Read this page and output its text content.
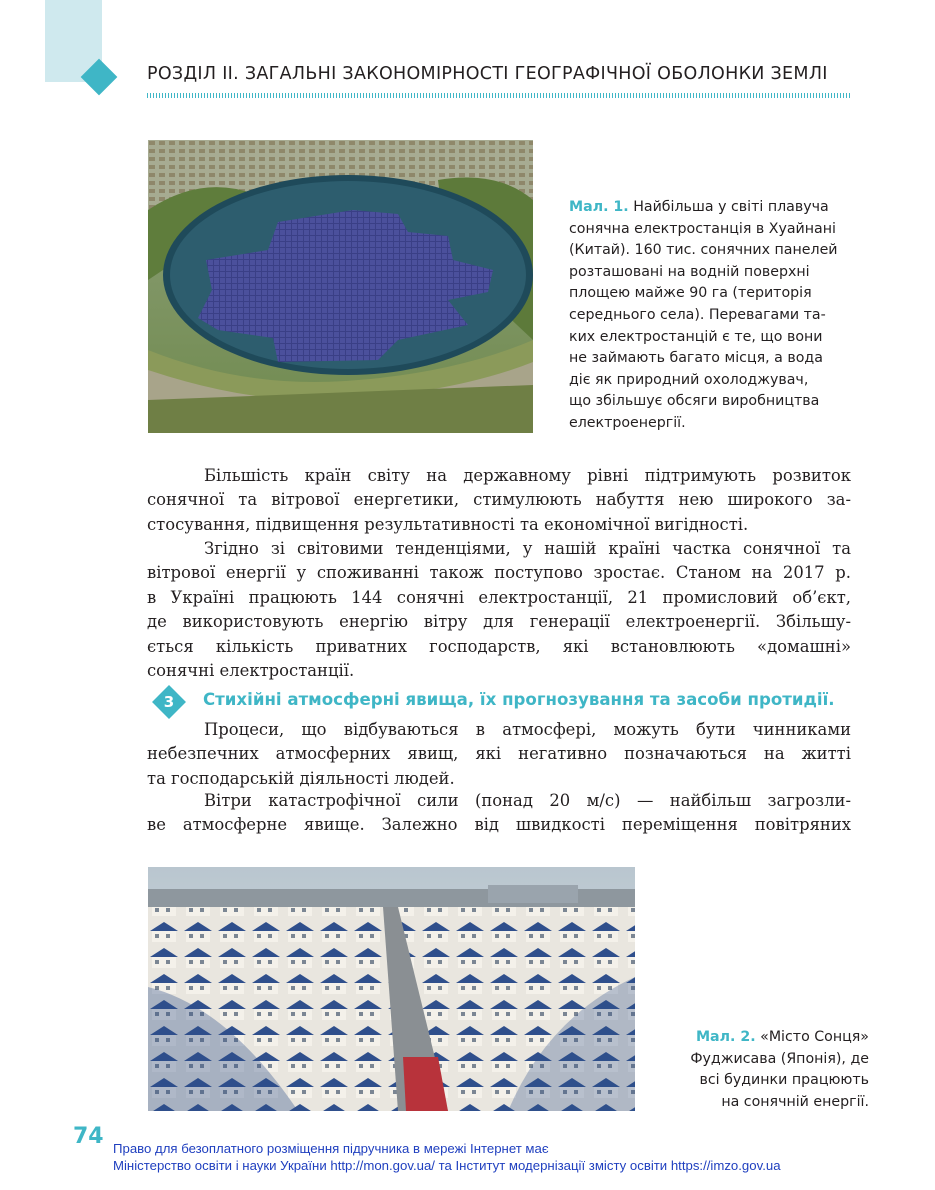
РОЗДІЛ ІІ. ЗАГАЛЬНІ ЗАКОНОМІРНОСТІ ГЕОГРАФІЧНОЇ ОБОЛОНКИ ЗЕМЛІ
Мал. 1. Найбільша у світі плавуча
сонячна електростанція в Хуайнані
(Китай). 160 тис. сонячних панелей
розташовані на водній поверхні
площею майже 90 га (територія
середнього села). Перевагами та-
ких електростанцій є те, що вони
не займають багато місця, а вода
діє як природний охолоджувач,
що збільшує обсяги виробництва
електроенергії.
Більшість країн світу на державному рівні підтримують розвиток
сонячної та вітрової енергетики, стимулюють набуття нею широкого за-
стосування, підвищення результативності та економічної вигідності.
Згідно зі світовими тенденціями, у нашій країні частка сонячної та
вітрової енергії у споживанні також поступово зростає. Станом на 2017 р.
в Україні працюють 144 сонячні електростанції, 21 промисловий об’єкт,
де використовують енергію вітру для генерації електроенергії. Збільшу-
ється кількість приватних господарств, які встановлюють «домашні»
сонячні електростанції.
3	Стихійні атмосферні явища, їх прогнозування та засоби протидії.
Процеси, що відбуваються в атмосфері, можуть бути чинниками
небезпечних атмосферних явищ, які негативно позначаються на житті
та господарській діяльності людей.
Вітри катастрофічної сили (понад 20 м/с) — найбільш загрозли-
ве атмосферне явище. Залежно від швидкості переміщення повітряних
Мал. 2. «Місто Сонця»
Фуджисава (Японія), де
всі будинки працюють
на сонячній енергії.
74 Право для безоплатного розміщення підручника в мережі Інтернет має
Міністерство освіти і науки України http://mon.gov.ua/ та Інститут модернізації змісту освіти https://imzo.gov.ua
